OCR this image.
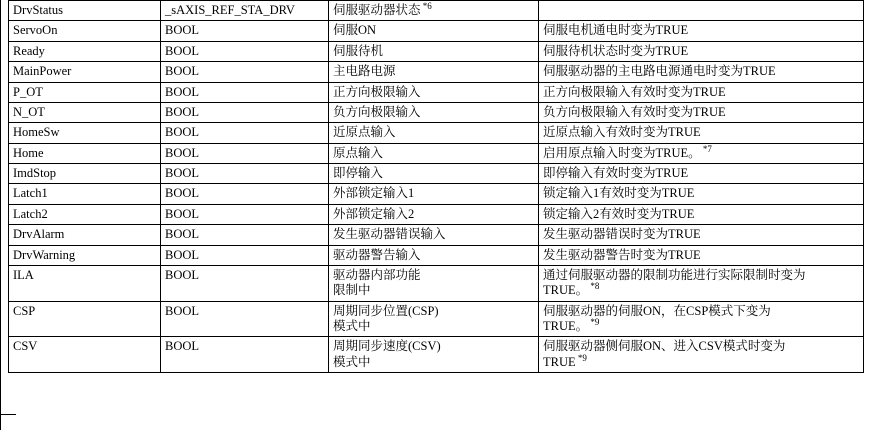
DrvStatus	_sAXIS_REF_STA_DRV	伺服驱动器状态 $^{*6}$

ServoOn	BOOL	伺服ON	伺服电机通电时变为TRUE

Ready	BOOL	伺服待机	伺服待机状态时变为TRUE

MainPower	BOOL	主电路电源	伺服驱动器的主电路电源通电时变为TRUE

P_OT	BOOL	正方向极限输入	正方向极限输入有效时变为TRUE

N_OT	BOOL	负方向极限输入	负方向极限输入有效时变为TRUE

HomeSw	BOOL	近原点输入	近原点输入有效时变为TRUE

Home	BOOL	原点输入	启用原点输入时变为TRUE。 $^{*7}$

ImdStop	BOOL	即停输入	即停输入有效时变为TRUE

Latch1	BOOL	外部锁定输入1	锁定输入1有效时变为TRUE

Latch2	BOOL	外部锁定输入2	锁定输入2有效时变为TRUE

DrvAlarm	BOOL	发生驱动器错误输入	发生驱动器错误时变为TRUE

DrvWarning	BOOL	驱动器警告输入	发生驱动器警告时变为TRUE

ILA	BOOL	驱动器内部功能
限制中	通过伺服驱动器的限制功能进行实际限制时变为
TRUE。 $^{*8}$

CSP	BOOL	周期同步位置(CSP)
模式中	伺服驱动器的伺服ON，在CSP模式下变为
TRUE。 $^{*9}$

CSV	BOOL	周期同步速度(CSV)
模式中	伺服驱动器侧伺服ON、进入CSV模式时变为
TRUE $^{*9}$
